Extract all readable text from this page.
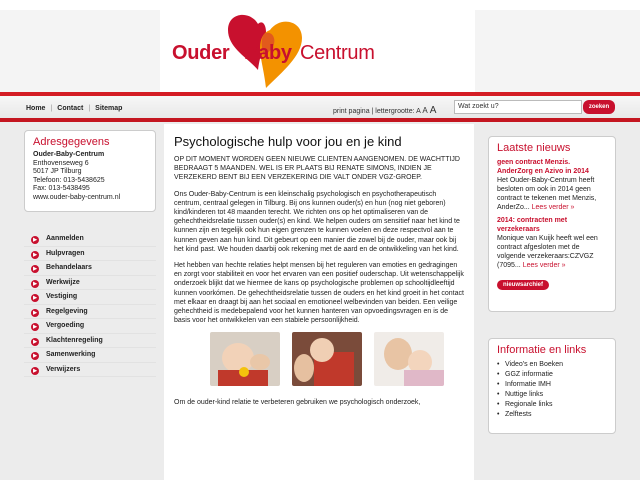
Ouder Baby Centrum
Home | Contact | Sitemap	print pagina | lettergrootte: A A A	Wat zoekt u?	zoeken
Adresgegevens
Ouder-Baby-Centrum
Enthovenseweg 6
5017 JP Tilburg
Telefoon: 013-5438625
Fax: 013-5438495
www.ouder-baby-centrum.nl
▶ Aanmelden
▶ Hulpvragen
▶ Behandelaars
▶ Werkwijze
▶ Vestiging
▶ Regelgeving
▶ Vergoeding
▶ Klachtenregeling
▶ Samenwerking
▶ Verwijzers
Psychologische hulp voor jou en je kind

OP DIT MOMENT WORDEN GEEN NIEUWE CLIENTEN AANGENOMEN. DE WACHTTIJD BEDRAAGT 5 MAANDEN. WEL IS ER PLAATS BIJ RENATE SIMONS, INDIEN JE VERZEKERD BENT BIJ EEN VERZEKERING DIE VALT ONDER VGZ-GROEP.

Ons Ouder-Baby-Centrum is een kleinschalig psychologisch en psychotherapeutisch centrum, centraal gelegen in Tilburg. Bij ons kunnen ouder(s) en hun (nog niet geboren) kind/kinderen tot 48 maanden terecht. We richten ons op het optimaliseren van de gehechtheidsrelatie tussen ouder(s) en kind. We helpen ouders om sensitief naar het kind te kunnen zijn en tegelijk ook hun eigen grenzen te kunnen voelen en deze respectvol aan te kunnen geven aan hun kind. Dit gebeurt op een manier die zowel bij de ouder, maar ook bij het kind past. We houden daarbij ook rekening met de aard en de ontwikkeling van het kind.

Het hebben van hechte relaties helpt mensen bij het reguleren van emoties en gedragingen en zorgt voor stabiliteit en voor het ervaren van een positief ouderschap. Uit wetenschappelijk onderzoek blijkt dat we hiermee de kans op psychologische problemen op schooltijdleeftijd kunnen voorkómen. De gehechtheidsrelatie tussen de ouders en het kind groeit in het contact met elkaar en draagt bij aan het sociaal en emotioneel welbevinden van beiden. Een veilige gehechtheid is medebepalend voor het kunnen hanteren van opvoedingsvragen en is de basis voor het ontwikkelen van een stabiele persoonlijkheid.

Om de ouder-kind relatie te verbeteren gebruiken we psychologisch onderzoek,

Laatste nieuws
geen contract Menzis. AnderZorg en Azivo in 2014
Het Ouder-Baby-Centrum heeft besloten om ook in 2014 geen contract te tekenen met Menzis, AnderZo... Lees verder »
2014: contracten met verzekeraars
Monique van Kuijk heeft wel een contract afgesloten met de volgende verzekeraars:CZVGZ (7095... Lees verder »
nieuwsarchief
Informatie en links
• Video's en Boeken
• GGZ informatie
• Informatie IMH
• Nuttige links
• Regionale links
• Zelftests
